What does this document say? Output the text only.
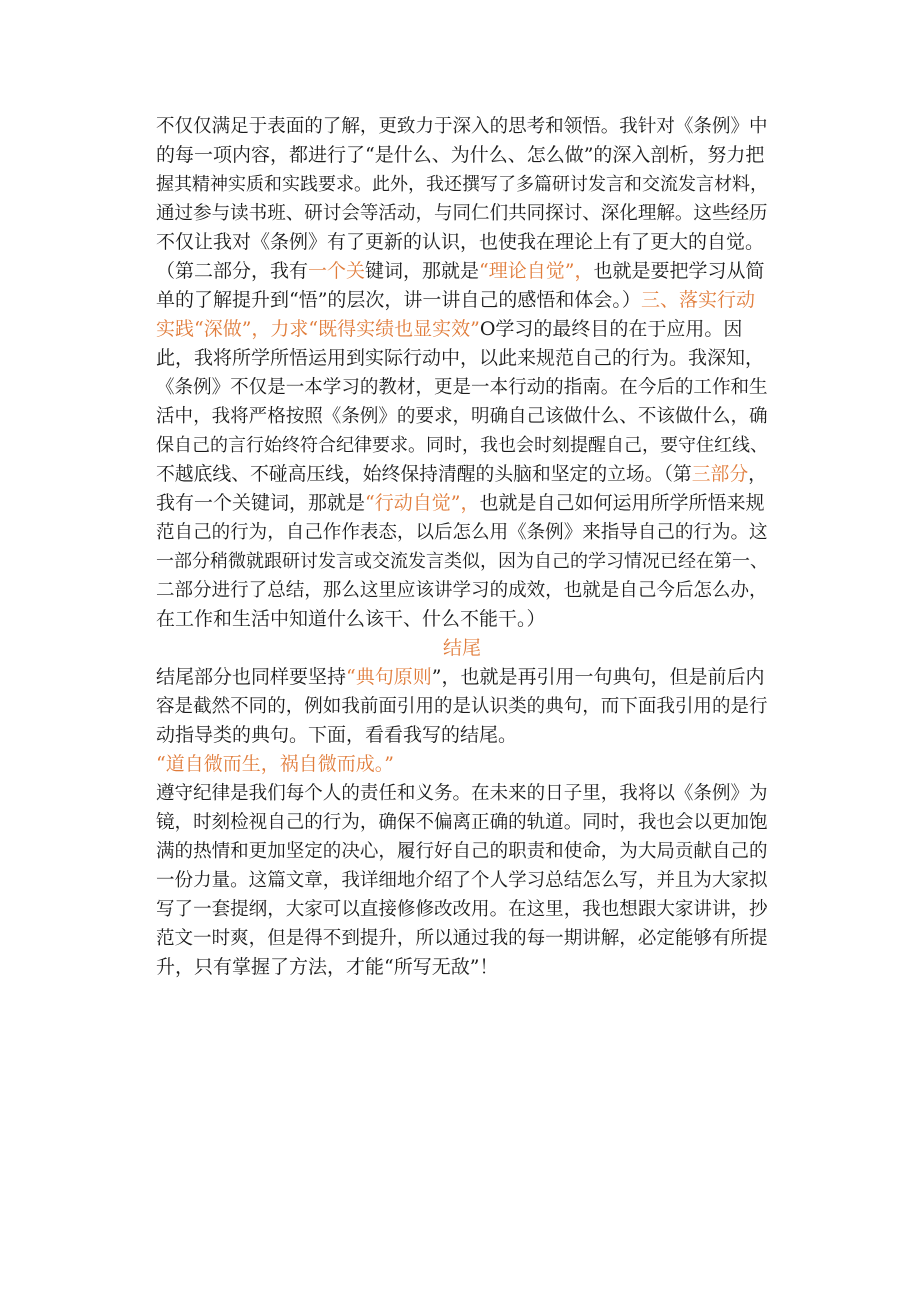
不仅仅满足于表面的了解，更致力于深入的思考和领悟。我针对《条例》中
的每一项内容，都进行了“是什么、为什么、怎么做”的深入剖析，努力把
握其精神实质和实践要求。此外，我还撰写了多篇研讨发言和交流发言材料，
通过参与读书班、研讨会等活动，与同仁们共同探讨、深化理解。这些经历
不仅让我对《条例》有了更新的认识，也使我在理论上有了更大的自觉。
（第二部分，我有一个关键词，那就是“理论自觉”，也就是要把学习从简
单的了解提升到“悟”的层次，讲一讲自己的感悟和体会。）三、落实行动
实践“深做”，力求“既得实绩也显实效”O学习的最终目的在于应用。因
此，我将所学所悟运用到实际行动中，以此来规范自己的行为。我深知，
《条例》不仅是一本学习的教材，更是一本行动的指南。在今后的工作和生
活中，我将严格按照《条例》的要求，明确自己该做什么、不该做什么，确
保自己的言行始终符合纪律要求。同时，我也会时刻提醒自己，要守住红线、
不越底线、不碰高压线，始终保持清醒的头脑和坚定的立场。（第三部分，
我有一个关键词，那就是“行动自觉”，也就是自己如何运用所学所悟来规
范自己的行为，自己作作表态，以后怎么用《条例》来指导自己的行为。这
一部分稍微就跟研讨发言或交流发言类似，因为自己的学习情况已经在第一、
二部分进行了总结，那么这里应该讲学习的成效，也就是自己今后怎么办，
在工作和生活中知道什么该干、什么不能干。）
结尾
结尾部分也同样要坚持“典句原则”，也就是再引用一句典句，但是前后内
容是截然不同的，例如我前面引用的是认识类的典句，而下面我引用的是行
动指导类的典句。下面，看看我写的结尾。
“道自微而生，祸自微而成。”
遵守纪律是我们每个人的责任和义务。在未来的日子里，我将以《条例》为
镜，时刻检视自己的行为，确保不偏离正确的轨道。同时，我也会以更加饱
满的热情和更加坚定的决心，履行好自己的职责和使命，为大局贡献自己的
一份力量。这篇文章，我详细地介绍了个人学习总结怎么写，并且为大家拟
写了一套提纲，大家可以直接修修改改用。在这里，我也想跟大家讲讲，抄
范文一时爽，但是得不到提升，所以通过我的每一期讲解，必定能够有所提
升，只有掌握了方法，才能“所写无敌”！
